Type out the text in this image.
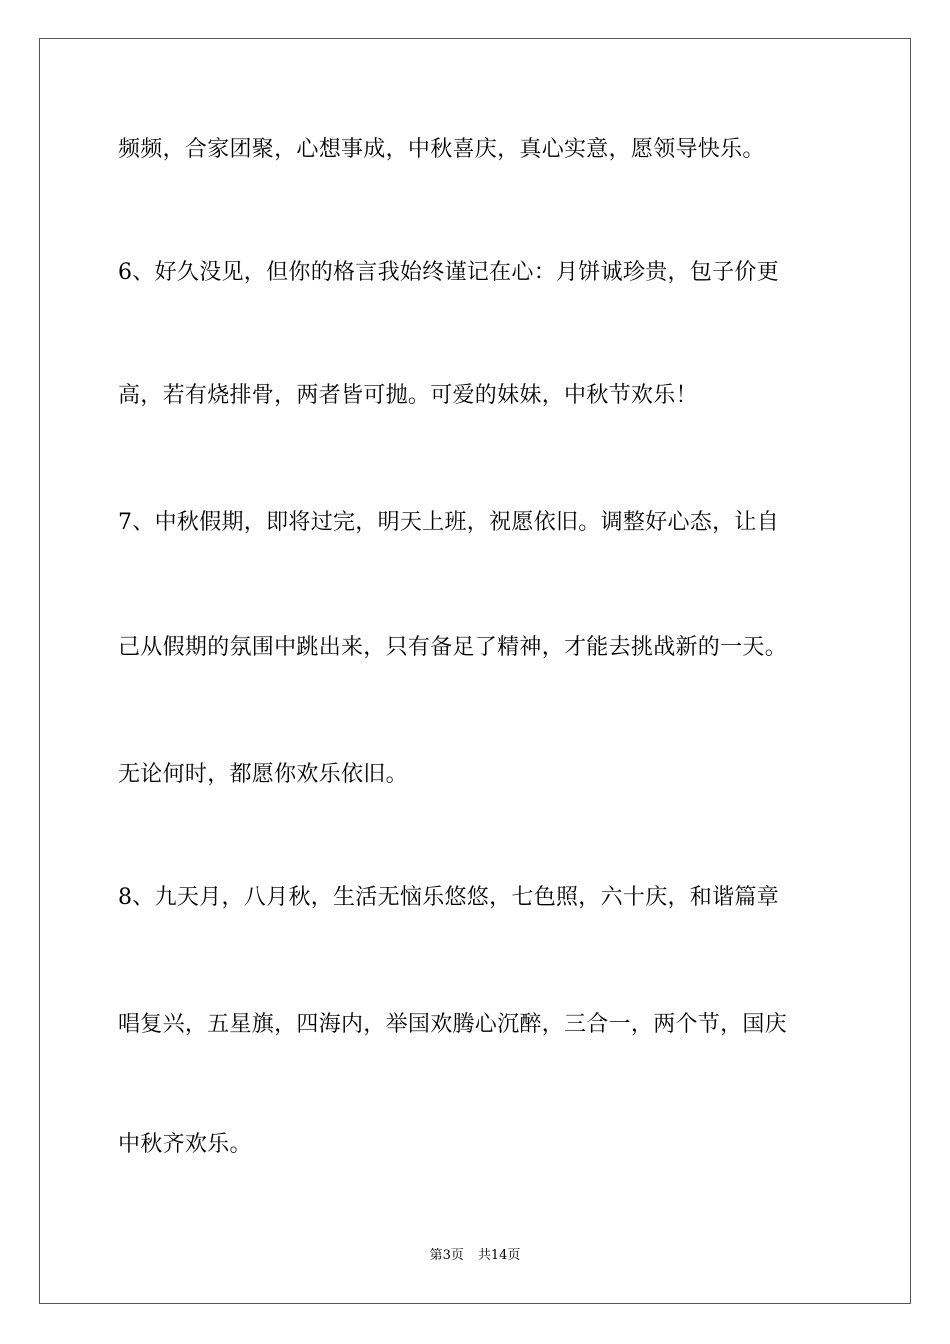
频频，合家团聚，心想事成，中秋喜庆，真心实意，愿领导快乐。
6、好久没见，但你的格言我始终谨记在心：月饼诚珍贵，包子价更
高，若有烧排骨，两者皆可抛。可爱的妹妹，中秋节欢乐！
7、中秋假期，即将过完，明天上班，祝愿依旧。调整好心态，让自
己从假期的氛围中跳出来，只有备足了精神，才能去挑战新的一天。
无论何时，都愿你欢乐依旧。
8、九天月，八月秋，生活无恼乐悠悠，七色照，六十庆，和谐篇章
唱复兴，五星旗，四海内，举国欢腾心沉醉，三合一，两个节，国庆
中秋齐欢乐。
第3页 共14页
